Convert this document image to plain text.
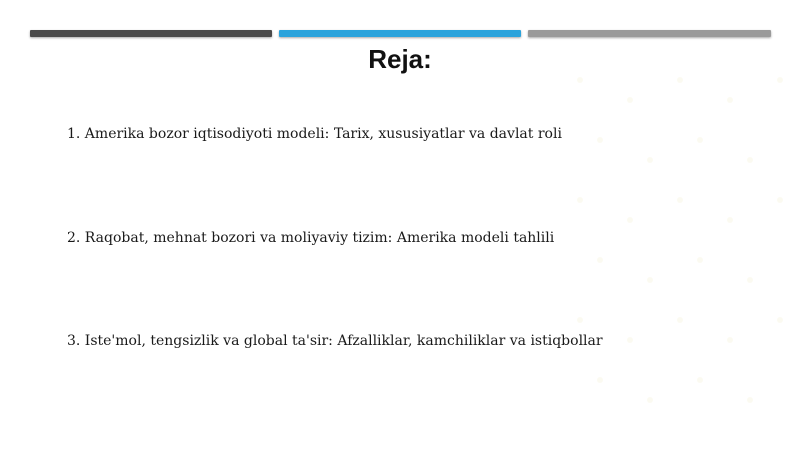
Reja:
1. Amerika bozor iqtisodiyoti modeli: Tarix, xususiyatlar va davlat roli
2. Raqobat, mehnat bozori va moliyaviy tizim: Amerika modeli tahlili
3. Iste'mol, tengsizlik va global ta'sir: Afzalliklar, kamchiliklar va istiqbollar
